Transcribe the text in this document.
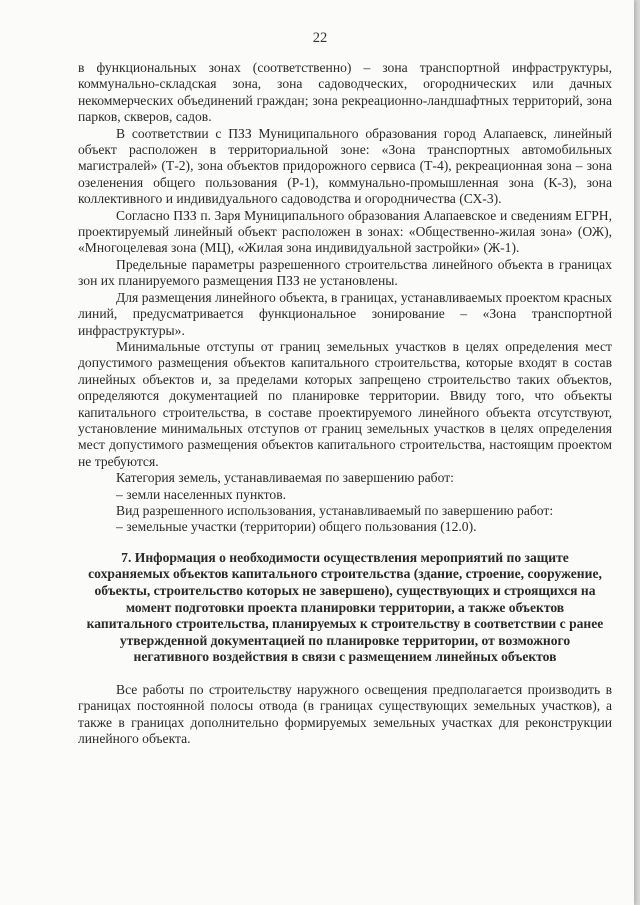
22

в функциональных зонах (соответственно) – зона транспортной инфраструктуры, коммунально-складская зона, зона садоводческих, огороднических или дачных некоммерческих объединений граждан; зона рекреационно-ландшафтных территорий, зона парков, скверов, садов.

В соответствии с ПЗЗ Муниципального образования город Алапаевск, линейный объект расположен в территориальной зоне: «Зона транспортных автомобильных магистралей» (Т-2), зона объектов придорожного сервиса (Т-4), рекреационная зона – зона озеленения общего пользования (Р-1), коммунально-промышленная зона (К-3), зона коллективного и индивидуального садоводства и огородничества (СХ-3).

Согласно ПЗЗ п. Заря Муниципального образования Алапаевское и сведениям ЕГРН, проектируемый линейный объект расположен в зонах: «Общественно-жилая зона» (ОЖ), «Многоцелевая зона (МЦ), «Жилая зона индивидуальной застройки» (Ж-1).

Предельные параметры разрешенного строительства линейного объекта в границах зон их планируемого размещения ПЗЗ не установлены.

Для размещения линейного объекта, в границах, устанавливаемых проектом красных линий, предусматривается функциональное зонирование – «Зона транспортной инфраструктуры».

Минимальные отступы от границ земельных участков в целях определения мест допустимого размещения объектов капитального строительства, которые входят в состав линейных объектов и, за пределами которых запрещено строительство таких объектов, определяются документацией по планировке территории. Ввиду того, что объекты капитального строительства, в составе проектируемого линейного объекта отсутствуют, установление минимальных отступов от границ земельных участков в целях определения мест допустимого размещения объектов капитального строительства, настоящим проектом не требуются.

Категория земель, устанавливаемая по завершению работ:

– земли населенных пунктов.

Вид разрешенного использования, устанавливаемый по завершению работ:

– земельные участки (территории) общего пользования (12.0).

7. Информация о необходимости осуществления мероприятий по защите сохраняемых объектов капитального строительства (здание, строение, сооружение, объекты, строительство которых не завершено), существующих и строящихся на момент подготовки проекта планировки территории, а также объектов капитального строительства, планируемых к строительству в соответствии с ранее утвержденной документацией по планировке территории, от возможного негативного воздействия в связи с размещением линейных объектов

Все работы по строительству наружного освещения предполагается производить в границах постоянной полосы отвода (в границах существующих земельных участков), а также в границах дополнительно формируемых земельных участках для реконструкции линейного объекта.
